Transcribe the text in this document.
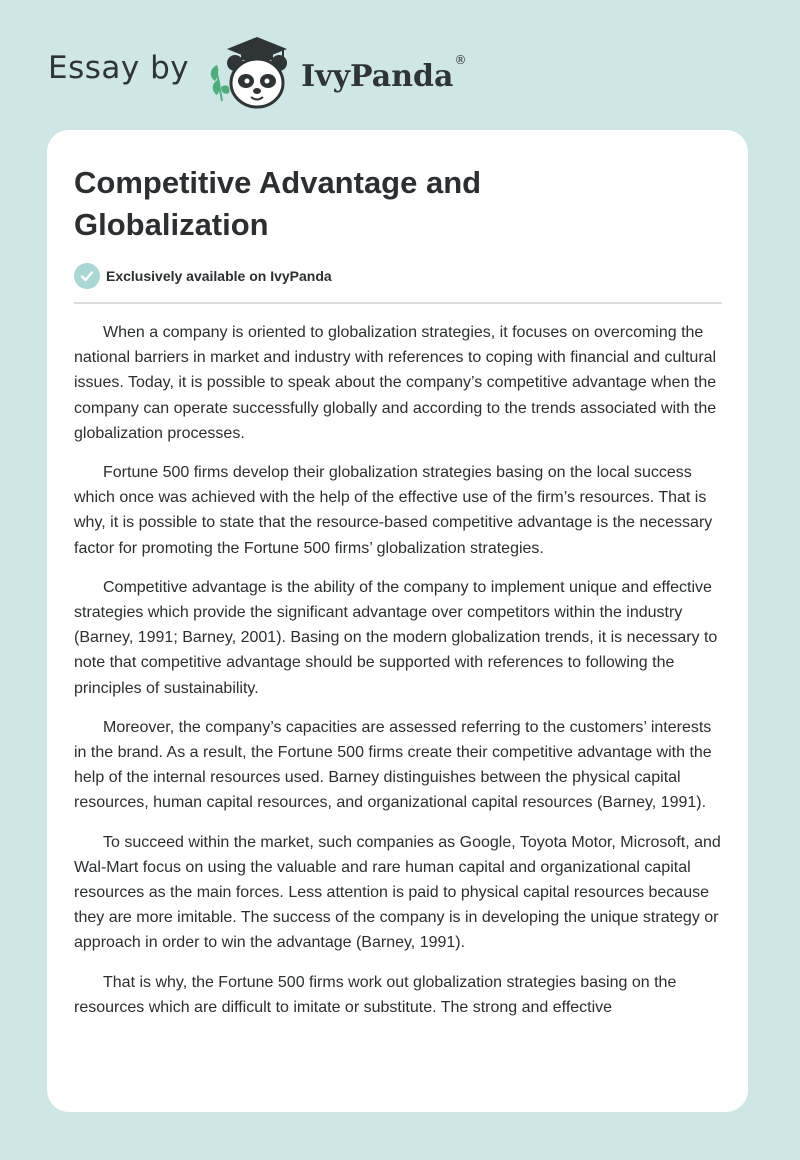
Essay by	IvyPanda ®
Competitive Advantage and Globalization
Exclusively available on IvyPanda

When a company is oriented to globalization strategies, it focuses on overcoming the national barriers in market and industry with references to coping with financial and cultural issues. Today, it is possible to speak about the company’s competitive advantage when the company can operate successfully globally and according to the trends associated with the globalization processes.

Fortune 500 firms develop their globalization strategies basing on the local success which once was achieved with the help of the effective use of the firm’s resources. That is why, it is possible to state that the resource-based competitive advantage is the necessary factor for promoting the Fortune 500 firms’ globalization strategies.

Competitive advantage is the ability of the company to implement unique and effective strategies which provide the significant advantage over competitors within the industry (Barney, 1991; Barney, 2001). Basing on the modern globalization trends, it is necessary to note that competitive advantage should be supported with references to following the principles of sustainability.

Moreover, the company’s capacities are assessed referring to the customers’ interests in the brand. As a result, the Fortune 500 firms create their competitive advantage with the help of the internal resources used. Barney distinguishes between the physical capital resources, human capital resources, and organizational capital resources (Barney, 1991).

To succeed within the market, such companies as Google, Toyota Motor, Microsoft, and Wal-Mart focus on using the valuable and rare human capital and organizational capital resources as the main forces. Less attention is paid to physical capital resources because they are more imitable. The success of the company is in developing the unique strategy or approach in order to win the advantage (Barney, 1991).

That is why, the Fortune 500 firms work out globalization strategies basing on the resources which are difficult to imitate or substitute. The strong and effective
